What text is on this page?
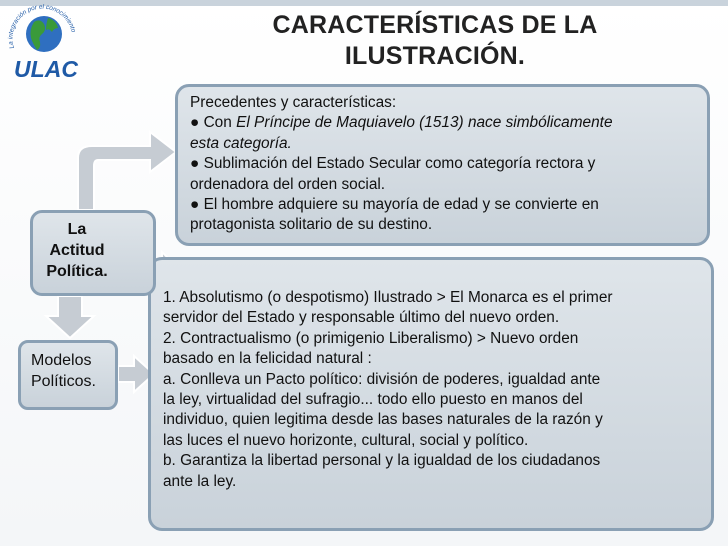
La integración por el conocimiento
ULAC
CARACTERÍSTICAS DE LA
ILUSTRACIÓN.
Precedentes y características:
● Con El Príncipe de Maquiavelo (1513) nace simbólicamente
esta categoría.
● Sublimación del Estado Secular como categoría rectora y
ordenadora del orden social.
● El hombre adquiere su mayoría de edad y se convierte en
protagonista solitario de su destino.
1. Absolutismo (o despotismo) Ilustrado > El Monarca es el primer
servidor del Estado y responsable último del nuevo orden.
2. Contractualismo (o primigenio Liberalismo) > Nuevo orden
basado en la felicidad natural :
a. Conlleva un Pacto político: división de poderes, igualdad ante
la ley, virtualidad del sufragio... todo ello puesto en manos del
individuo, quien legitima desde las bases naturales de la razón y
las luces el nuevo horizonte, cultural, social y político.
b. Garantiza la libertad personal y la igualdad de los ciudadanos
ante la ley.
La
Actitud
Política.
Modelos
Políticos.
